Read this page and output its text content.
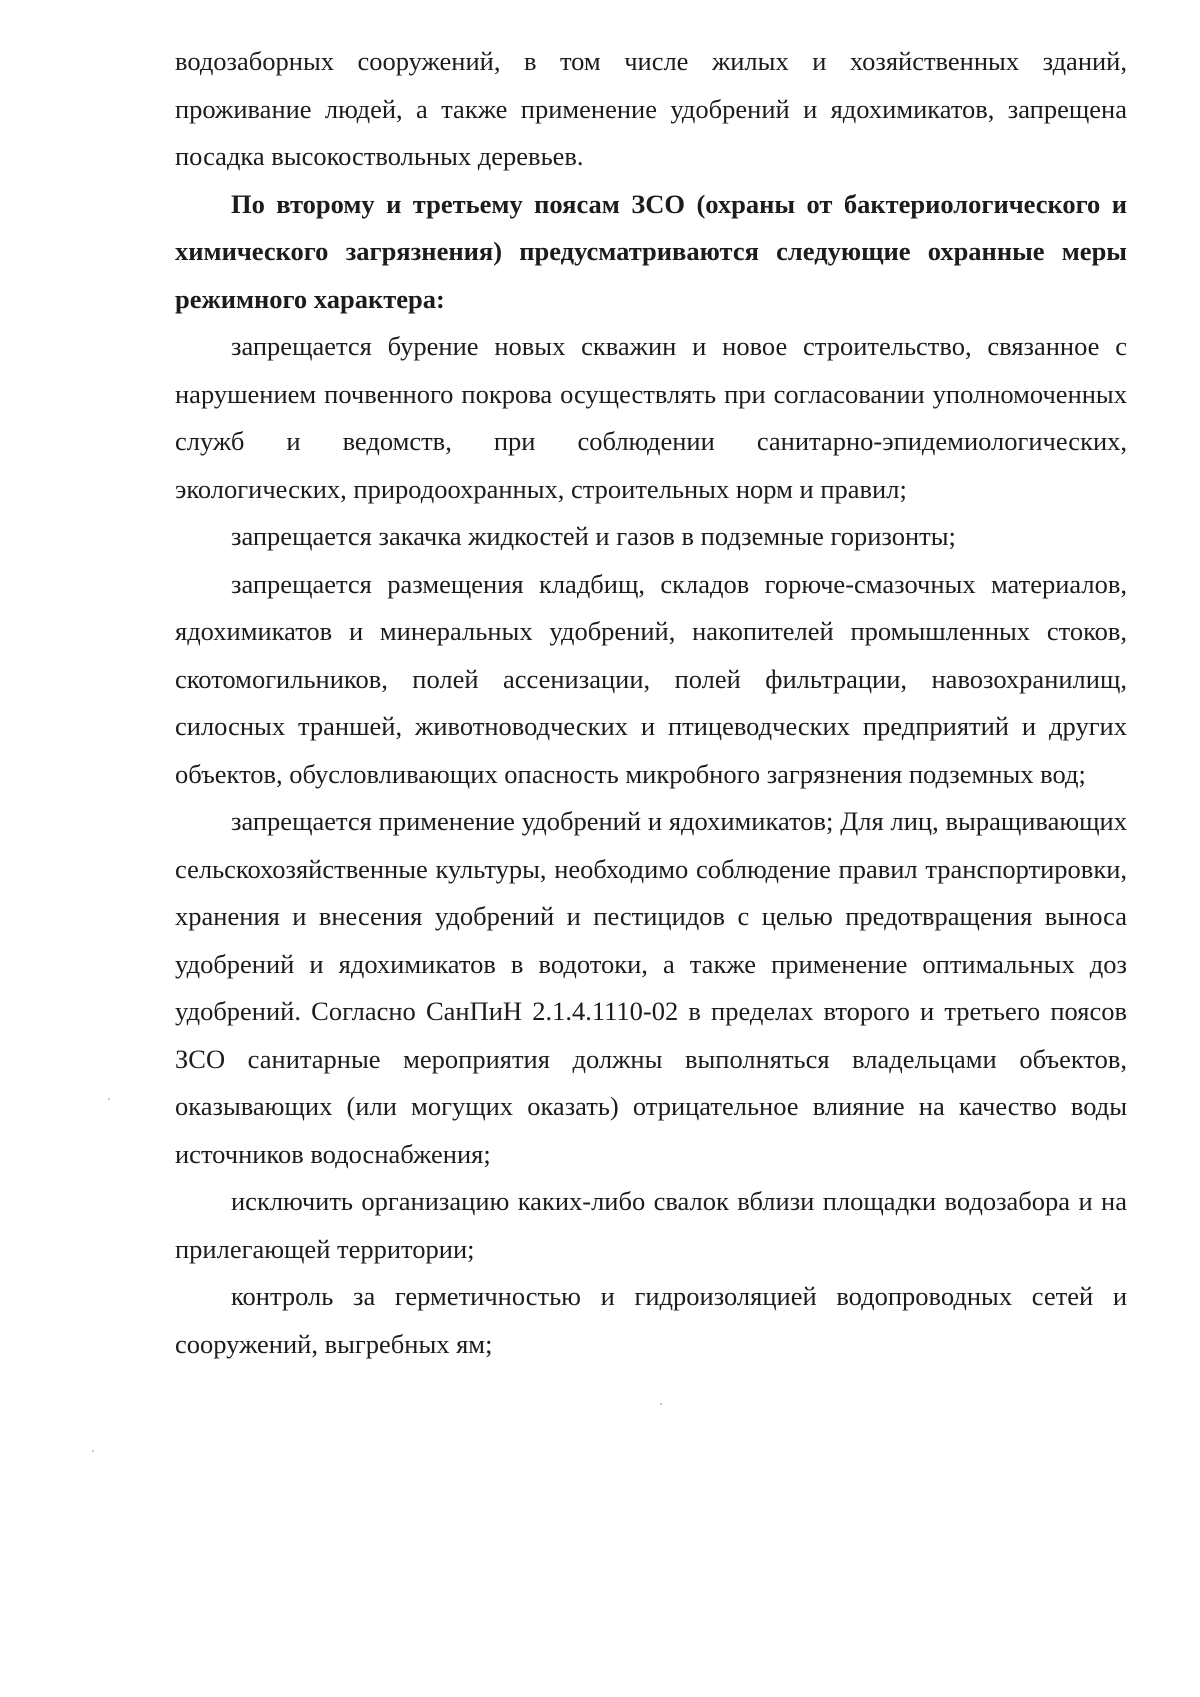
водозаборных сооружений, в том числе жилых и хозяйственных зданий, проживание людей, а также применение удобрений и ядохимикатов, запрещена посадка высокоствольных деревьев.

По второму и третьему поясам ЗСО (охраны от бактериологического и химического загрязнения) предусматриваются следующие охранные меры режимного характера:

запрещается бурение новых скважин и новое строительство, связанное с нарушением почвенного покрова осуществлять при согласовании уполномоченных служб и ведомств, при соблюдении санитарно-эпидемиологических, экологических, природоохранных, строительных норм и правил;

запрещается закачка жидкостей и газов в подземные горизонты;

запрещается размещения кладбищ, складов горюче-смазочных материалов, ядохимикатов и минеральных удобрений, накопителей промышленных стоков, скотомогильников, полей ассенизации, полей фильтрации, навозохранилищ, силосных траншей, животноводческих и птицеводческих предприятий и других объектов, обусловливающих опасность микробного загрязнения подземных вод;

запрещается применение удобрений и ядохимикатов; Для лиц, выращивающих сельскохозяйственные культуры, необходимо соблюдение правил транспортировки, хранения и внесения удобрений и пестицидов с целью предотвращения выноса удобрений и ядохимикатов в водотоки, а также применение оптимальных доз удобрений. Согласно СанПиН 2.1.4.1110-02 в пределах второго и третьего поясов ЗСО санитарные мероприятия должны выполняться владельцами объектов, оказывающих (или могущих оказать) отрицательное влияние на качество воды источников водоснабжения;

исключить организацию каких-либо свалок вблизи площадки водозабора и на прилегающей территории;

контроль за герметичностью и гидроизоляцией водопроводных сетей и сооружений, выгребных ям;
